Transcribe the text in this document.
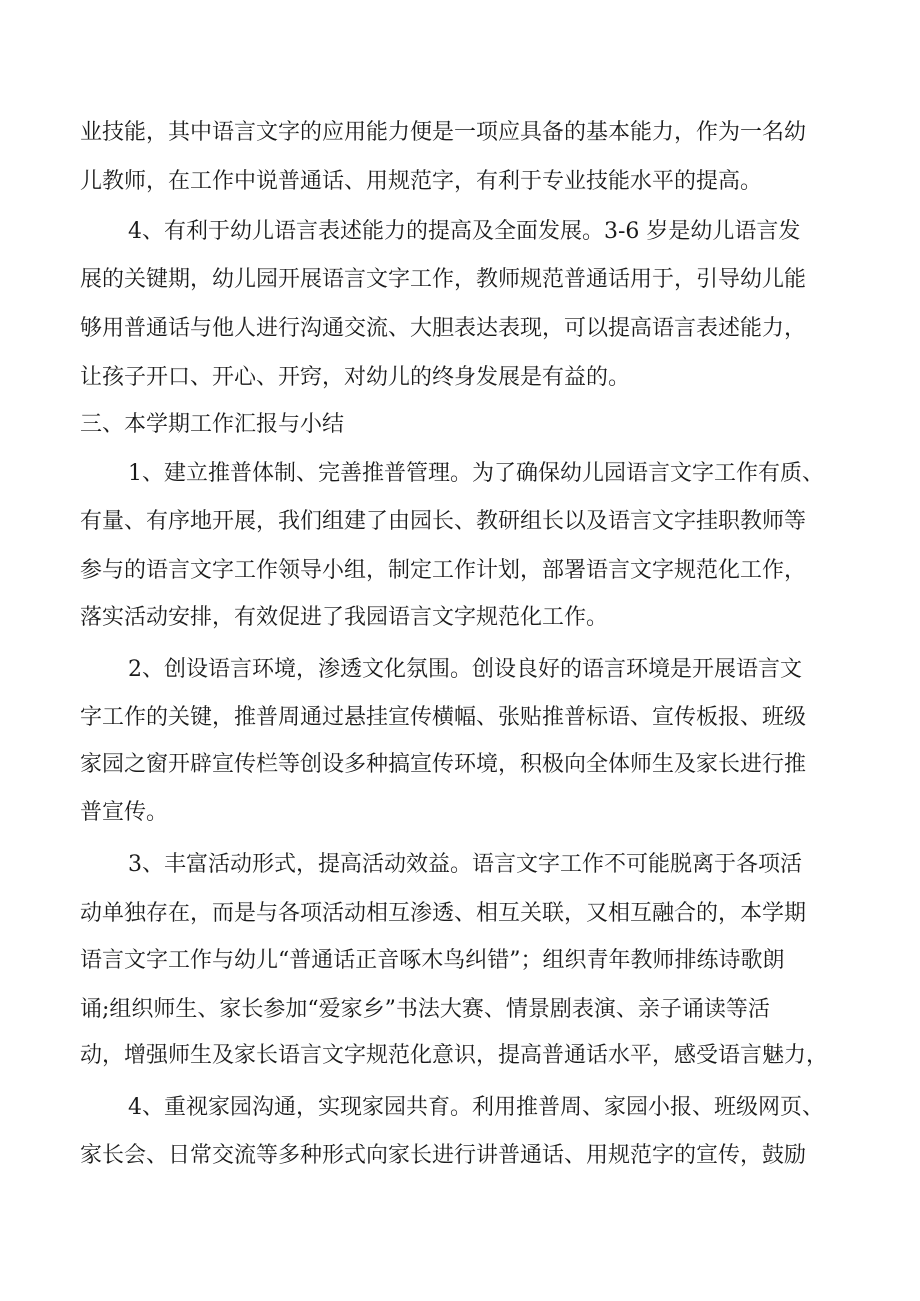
业技能，其中语言文字的应用能力便是一项应具备的基本能力，作为一名幼
儿教师，在工作中说普通话、用规范字，有利于专业技能水平的提高。
4、有利于幼儿语言表述能力的提高及全面发展。3-6 岁是幼儿语言发
展的关键期，幼儿园开展语言文字工作，教师规范普通话用于，引导幼儿能
够用普通话与他人进行沟通交流、大胆表达表现，可以提高语言表述能力，
让孩子开口、开心、开窍，对幼儿的终身发展是有益的。
三、本学期工作汇报与小结
1、建立推普体制、完善推普管理。为了确保幼儿园语言文字工作有质、
有量、有序地开展，我们组建了由园长、教研组长以及语言文字挂职教师等
参与的语言文字工作领导小组，制定工作计划，部署语言文字规范化工作，
落实活动安排，有效促进了我园语言文字规范化工作。
2、创设语言环境，渗透文化氛围。创设良好的语言环境是开展语言文
字工作的关键，推普周通过悬挂宣传横幅、张贴推普标语、宣传板报、班级
家园之窗开辟宣传栏等创设多种搞宣传环境，积极向全体师生及家长进行推
普宣传。
3、丰富活动形式，提高活动效益。语言文字工作不可能脱离于各项活
动单独存在，而是与各项活动相互渗透、相互关联，又相互融合的，本学期
语言文字工作与幼儿“普通话正音啄木鸟纠错”；组织青年教师排练诗歌朗
诵;组织师生、家长参加“爱家乡”书法大赛、情景剧表演、亲子诵读等活
动，增强师生及家长语言文字规范化意识，提高普通话水平，感受语言魅力，
4、重视家园沟通，实现家园共育。利用推普周、家园小报、班级网页、
家长会、日常交流等多种形式向家长进行讲普通话、用规范字的宣传，鼓励
